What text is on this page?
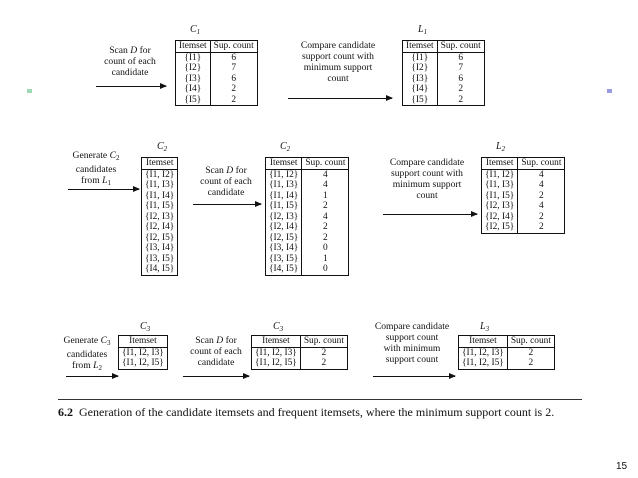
Scan D for
count of each
candidate
$C_1$
Itemset	Sup. count
{I1}	6
{I2}	7
{I3}	6
{I4}	2
{I5}	2
Compare candidate
support count with
minimum support
count
$L_1$
Itemset	Sup. count
{I1}	6
{I2}	7
{I3}	6
{I4}	2
{I5}	2
Generate $C_2$
candidates
from $L_1$
$C_2$
Itemset
{I1, I2}
{I1, I3}
{I1, I4}
{I1, I5}
{I2, I3}
{I2, I4}
{I2, I5}
{I3, I4}
{I3, I5}
{I4, I5}
Scan D for
count of each
candidate
$C_2$
Itemset	Sup. count
{I1, I2}	4
{I1, I3}	4
{I1, I4}	1
{I1, I5}	2
{I2, I3}	4
{I2, I4}	2
{I2, I5}	2
{I3, I4}	0
{I3, I5}	1
{I4, I5}	0
Compare candidate
support count with
minimum support
count
$L_2$
Itemset	Sup. count
{I1, I2}	4
{I1, I3}	4
{I1, I5}	2
{I2, I3}	4
{I2, I4}	2
{I2, I5}	2
Generate $C_3$
candidates
from $L_2$
$C_3$
Itemset
{I1, I2, I3}
{I1, I2, I5}
Scan D for
count of each
candidate
$C_3$
Itemset	Sup. count
{I1, I2, I3}	2
{I1, I2, I5}	2
Compare candidate
support count
with minimum
support count
$L_3$
Itemset	Sup. count
{I1, I2, I3}	2
{I1, I2, I5}	2
6.2 Generation of the candidate itemsets and frequent itemsets, where the minimum support count is 2.
15
